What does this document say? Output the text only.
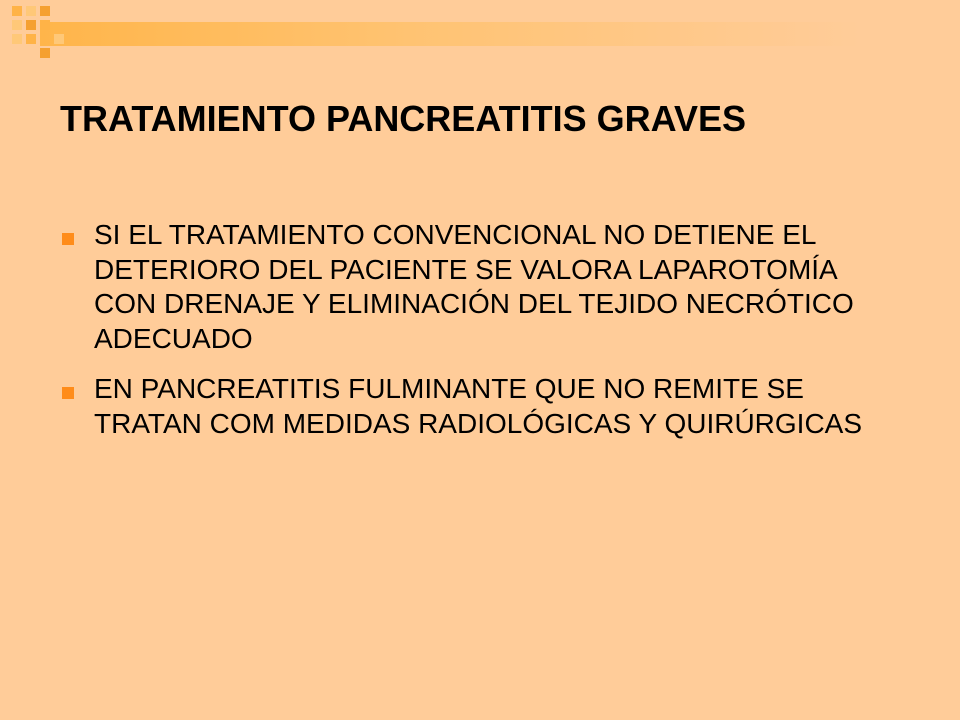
TRATAMIENTO PANCREATITIS GRAVES
SI EL TRATAMIENTO CONVENCIONAL NO DETIENE EL DETERIORO DEL PACIENTE SE VALORA LAPAROTOMÍA CON DRENAJE Y ELIMINACIÓN DEL TEJIDO NECRÓTICO ADECUADO
EN PANCREATITIS FULMINANTE QUE NO REMITE SE TRATAN COM MEDIDAS RADIOLÓGICAS Y QUIRÚRGICAS
